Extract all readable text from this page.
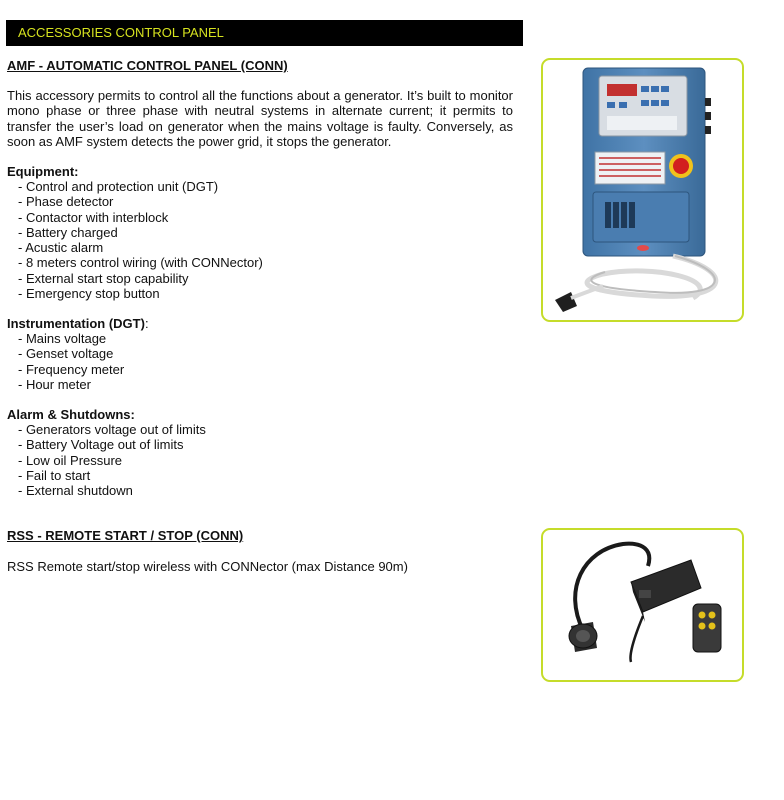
ACCESSORIES CONTROL PANEL
AMF - AUTOMATIC CONTROL PANEL (CONN)
This accessory permits to control all the functions about a generator. It’s built to monitor mono phase or three phase with neutral systems in alternate current; it permits to transfer the user’s load on generator when the mains voltage is faulty. Conversely, as soon as AMF system detects the power grid, it stops the generator.
Equipment:
- Control and protection unit (DGT)
- Phase detector
- Contactor with interblock
- Battery charged
- Acustic alarm
- 8 meters control wiring (with CONNector)
- External start stop capability
- Emergency stop button
Instrumentation (DGT):
- Mains voltage
- Genset voltage
- Frequency meter
- Hour meter
Alarm & Shutdowns:
- Generators voltage out of limits
- Battery Voltage out of limits
- Low oil Pressure
- Fail to start
- External shutdown
RSS - REMOTE START / STOP (CONN)
RSS Remote start/stop wireless with CONNector (max Distance 90m)
